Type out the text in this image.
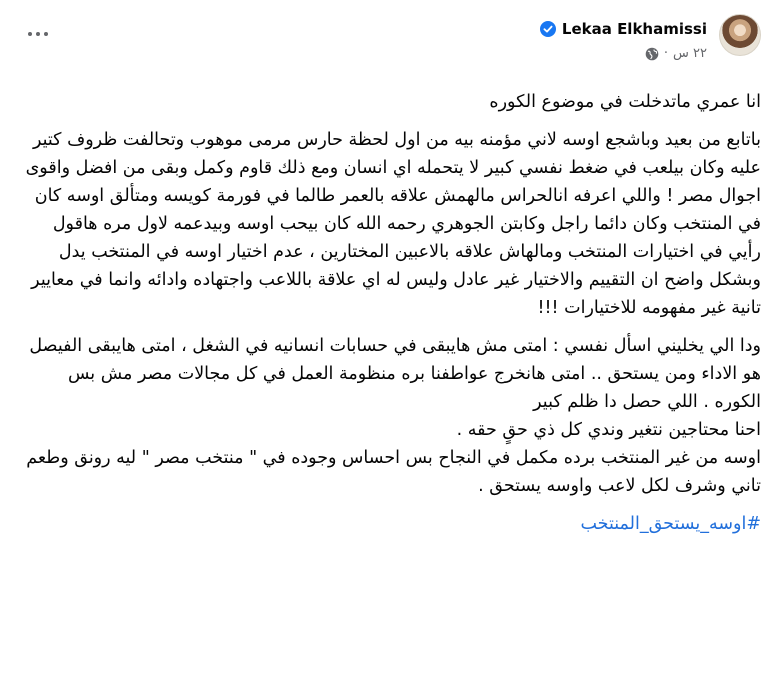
Lekaa Elkhamissi
٢٢ س
·

انا عمري ماتدخلت في موضوع الكوره

باتابع من بعيد وباشجع اوسه لاني مؤمنه بيه من اول لحظة حارس مرمى موهوب وتحالفت ظروف كتير عليه وكان بيلعب في ضغط نفسي كبير لا يتحمله اي انسان ومع ذلك قاوم وكمل وبقى من افضل واقوى اجوال مصر ! واللي اعرفه انالحراس مالهمش علاقه بالعمر طالما في فورمة كويسه ومتألق اوسه كان في المنتخب وكان دائما راجل وكابتن الجوهري رحمه الله كان بيحب اوسه وبيدعمه لاول مره هاقول رأيي في اختيارات المنتخب ومالهاش علاقه بالاعبين المختارين ، عدم اختيار اوسه في المنتخب يدل وبشكل واضح ان التقييم والاختيار غير عادل وليس له اي علاقة باللاعب واجتهاده وادائه وانما في معايير تانية غير مفهومه للاختيارات !!!

ودا الي يخليني اسأل نفسي : امتى مش هايبقى في حسابات انسانيه في الشغل ، امتى هايبقى الفيصل هو الاداء ومن يستحق .. امتى هانخرج عواطفنا بره منظومة العمل في كل مجالات مصر مش بس الكوره . اللي حصل دا ظلم كبير

احنا محتاجين نتغير وندي كل ذي حقٍ حقه .

اوسه من غير المنتخب برده مكمل في النجاح بس احساس وجوده في " منتخب مصر " ليه رونق وطعم تاني وشرف لكل لاعب واوسه يستحق .

#اوسه_يستحق_المنتخب
